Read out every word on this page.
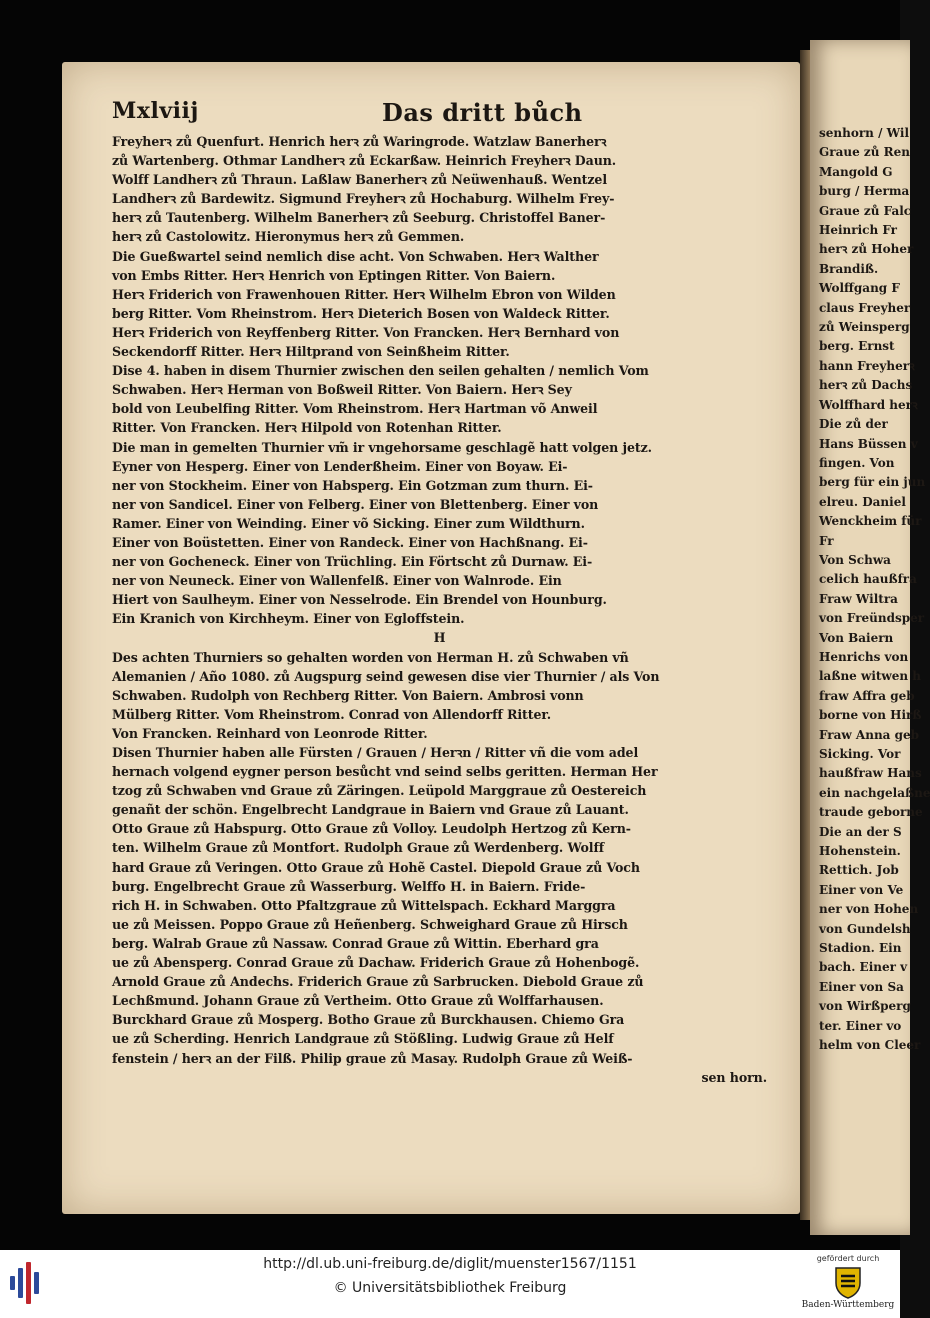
Mxlviij	Das dritt bůch
Freyherꝛ zů Quenfurt. Henrich herꝛ zů Waringrode. Watzlaw Banerherꝛ
zů Wartenberg. Othmar Landherꝛ zů Eckarßaw. Heinrich Freyherꝛ Daun.
Wolff Landherꝛ zů Thraun. Laßlaw Banerherꝛ zů Neüwenhauß. Wentzel
Landherꝛ zů Bardewitz. Sigmund Freyherꝛ zů Hochaburg. Wilhelm Frey-
herꝛ zů Tautenberg. Wilhelm Banerherꝛ zů Seeburg. Christoffel Baner-
herꝛ zů Castolowitz. Hieronymus herꝛ zů Gemmen.
Die Gueßwartel seind nemlich dise acht. Von Schwaben. Herꝛ Walther
von Embs Ritter. Herꝛ Henrich von Eptingen Ritter. Von Baiern.
Herꝛ Friderich von Frawenhouen Ritter. Herꝛ Wilhelm Ebron von Wilden
berg Ritter. Vom Rheinstrom. Herꝛ Dieterich Bosen von Waldeck Ritter.
Herꝛ Friderich von Reyffenberg Ritter. Von Francken. Herꝛ Bernhard von
Seckendorff Ritter. Herꝛ Hiltprand von Seinßheim Ritter.
Dise 4. haben in disem Thurnier zwischen den seilen gehalten / nemlich Vom
Schwaben. Herꝛ Herman von Boßweil Ritter. Von Baiern. Herꝛ Sey
bold von Leubelfing Ritter. Vom Rheinstrom. Herꝛ Hartman võ Anweil
Ritter. Von Francken. Herꝛ Hilpold von Rotenhan Ritter.
Die man in gemelten Thurnier vm̃ ir vngehorsame geschlagẽ hatt volgen jetz.
Eyner von Hesperg. Einer von Lenderßheim. Einer von Boyaw. Ei-
ner von Stockheim. Einer von Habsperg. Ein Gotzman zum thurn. Ei-
ner von Sandicel. Einer von Felberg. Einer von Blettenberg. Einer von
Ramer. Einer von Weinding. Einer võ Sicking. Einer zum Wildthurn.
Einer von Boüstetten. Einer von Randeck. Einer von Hachßnang. Ei-
ner von Gocheneck. Einer von Trüchling. Ein Förtscht zů Durnaw. Ei-
ner von Neuneck. Einer von Wallenfelß. Einer von Walnrode. Ein
Hiert von Saulheym. Einer von Nesselrode. Ein Brendel von Hounburg.
Ein Kranich von Kirchheym. Einer von Egloffstein.
H
Des achten Thurniers so gehalten worden von Herman H. zů Schwaben vñ
Alemanien / Año 1080. zů Augspurg seind gewesen dise vier Thurnier / als Von
Schwaben. Rudolph von Rechberg Ritter. Von Baiern. Ambrosi vonn
Mülberg Ritter. Vom Rheinstrom. Conrad von Allendorff Ritter.
Von Francken. Reinhard von Leonrode Ritter.
Disen Thurnier haben alle Fürsten / Grauen / Herꝛn / Ritter vñ die vom adel
hernach volgend eygner person besůcht vnd seind selbs geritten. Herman Her
tzog zů Schwaben vnd Graue zů Zäringen. Leüpold Marggraue zů Oestereich
genañt der schön. Engelbrecht Landgraue in Baiern vnd Graue zů Lauant.
Otto Graue zů Habspurg. Otto Graue zů Volloy. Leudolph Hertzog zů Kern-
ten. Wilhelm Graue zů Montfort. Rudolph Graue zů Werdenberg. Wolff
hard Graue zů Veringen. Otto Graue zů Hohẽ Castel. Diepold Graue zů Voch
burg. Engelbrecht Graue zů Wasserburg. Welffo H. in Baiern. Fride-
rich H. in Schwaben. Otto Pfaltzgraue zů Wittelspach. Eckhard Marggra
ue zů Meissen. Poppo Graue zů Heñenberg. Schweighard Graue zů Hirsch
berg. Walrab Graue zů Nassaw. Conrad Graue zů Wittin. Eberhard gra
ue zů Abensperg. Conrad Graue zů Dachaw. Friderich Graue zů Hohenbogẽ.
Arnold Graue zů Andechs. Friderich Graue zů Sarbrucken. Diebold Graue zů
Lechßmund. Johann Graue zů Vertheim. Otto Graue zů Wolffarhausen.
Burckhard Graue zů Mosperg. Botho Graue zů Burckhausen. Chiemo Gra
ue zů Scherding. Henrich Landgraue zů Stößling. Ludwig Graue zů Helf
fenstein / herꝛ an der Filß. Philip graue zů Masay. Rudolph Graue zů Weiß-
sen horn.
senhorn / Wil
Graue zů Ren
Mangold G
burg / Herma
Graue zů Falc
Heinrich Fr
herꝛ zů Hoher
Brandiß.
Wolffgang F
claus Freyher
zů Weinsperg
berg. Ernst
hann Freyherꝛ
herꝛ zů Dachs
Wolffhard herꝛ
Die zů der
Hans Büssen v
fingen. Von
berg für ein jun
elreu. Daniel
Wenckheim für
Fr
Von Schwa
celich haußfra
Fraw Wiltra
von Freündsper
Von Baiern
Henrichs von
laßne witwen h
fraw Affra geb
borne von Hirß
Fraw Anna geb
Sicking. Vor
haußfraw Hans
ein nachgelaßne
traude geborne
Die an der S
Hohenstein.
Rettich. Job
Einer von Ve
ner von Hohen
von Gundelsh
Stadion. Ein
bach. Einer v
Einer von Sa
von Wirßperg
ter. Einer vo
helm von Cleer
http://dl.ub.uni-freiburg.de/diglit/muenster1567/1151
© Universitätsbibliothek Freiburg
gefördert durch
Baden-Württemberg
